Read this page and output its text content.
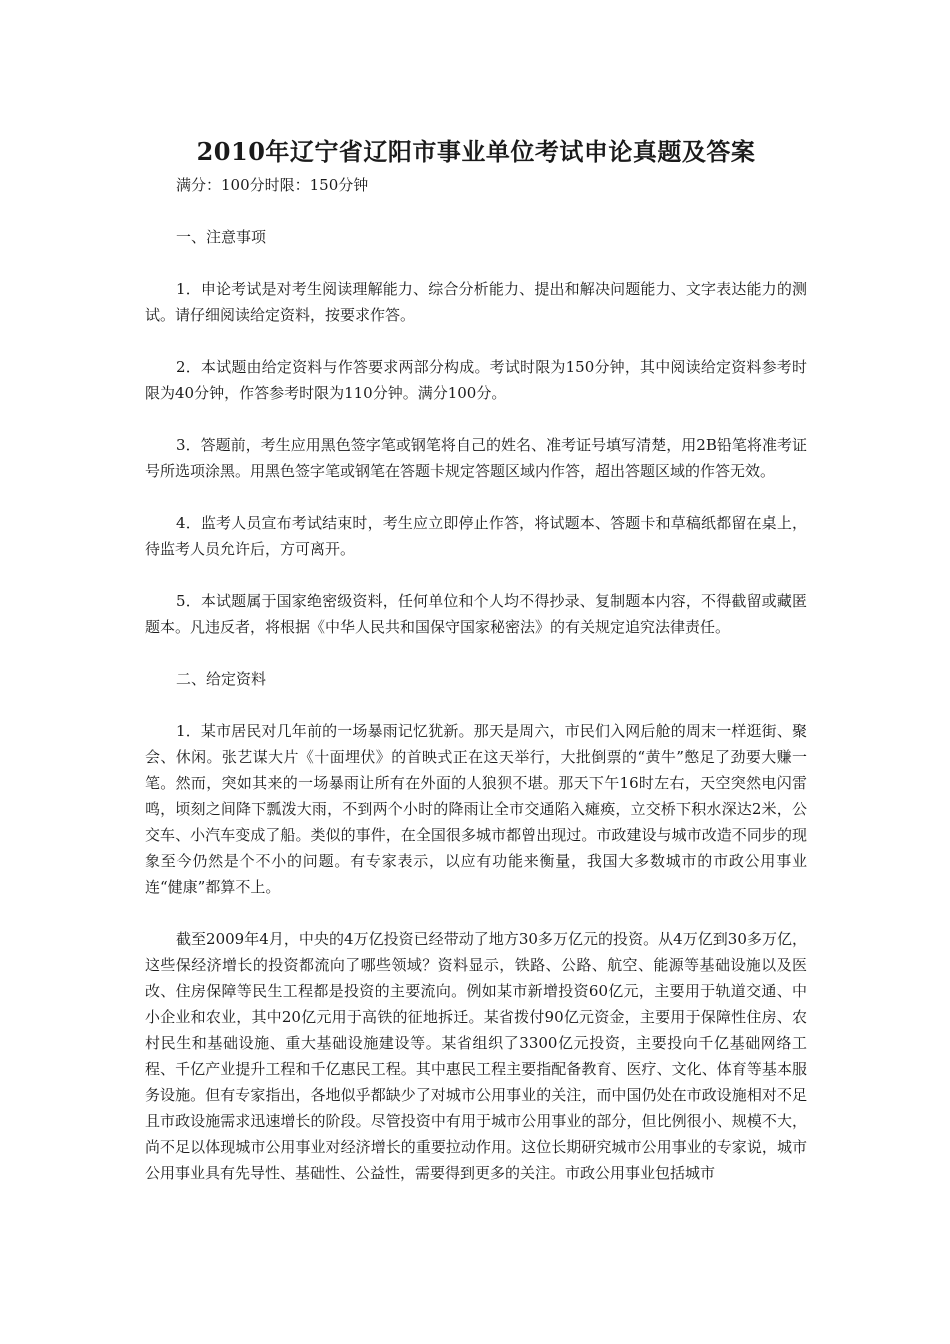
2010年辽宁省辽阳市事业单位考试申论真题及答案

满分：100分时限：150分钟

一、注意事项

1．申论考试是对考生阅读理解能力、综合分析能力、提出和解决问题能力、文字表达能力的测试。请仔细阅读给定资料，按要求作答。

2．本试题由给定资料与作答要求两部分构成。考试时限为150分钟，其中阅读给定资料参考时限为40分钟，作答参考时限为110分钟。满分100分。

3．答题前，考生应用黑色签字笔或钢笔将自己的姓名、准考证号填写清楚，用2B铅笔将准考证号所选项涂黑。用黑色签字笔或钢笔在答题卡规定答题区域内作答，超出答题区域的作答无效。

4．监考人员宣布考试结束时，考生应立即停止作答，将试题本、答题卡和草稿纸都留在桌上，待监考人员允许后，方可离开。

5．本试题属于国家绝密级资料，任何单位和个人均不得抄录、复制题本内容，不得截留或藏匿题本。凡违反者，将根据《中华人民共和国保守国家秘密法》的有关规定追究法律责任。

二、给定资料

1．某市居民对几年前的一场暴雨记忆犹新。那天是周六，市民们入网后舱的周末一样逛街、聚会、休闲。张艺谋大片《十面埋伏》的首映式正在这天举行，大批倒票的“黄牛”憋足了劲要大赚一笔。然而，突如其来的一场暴雨让所有在外面的人狼狈不堪。那天下午16时左右，天空突然电闪雷鸣，顷刻之间降下瓢泼大雨，不到两个小时的降雨让全市交通陷入瘫痪，立交桥下积水深达2米，公交车、小汽车变成了船。类似的事件，在全国很多城市都曾出现过。市政建设与城市改造不同步的现象至今仍然是个不小的问题。有专家表示，以应有功能来衡量，我国大多数城市的市政公用事业连“健康”都算不上。

截至2009年4月，中央的4万亿投资已经带动了地方30多万亿元的投资。从4万亿到30多万亿，这些保经济增长的投资都流向了哪些领域？资料显示，铁路、公路、航空、能源等基础设施以及医改、住房保障等民生工程都是投资的主要流向。例如某市新增投资60亿元，主要用于轨道交通、中小企业和农业，其中20亿元用于高铁的征地拆迁。某省拨付90亿元资金，主要用于保障性住房、农村民生和基础设施、重大基础设施建设等。某省组织了3300亿元投资，主要投向千亿基础网络工程、千亿产业提升工程和千亿惠民工程。其中惠民工程主要指配备教育、医疗、文化、体育等基本服务设施。但有专家指出，各地似乎都缺少了对城市公用事业的关注，而中国仍处在市政设施相对不足且市政设施需求迅速增长的阶段。尽管投资中有用于城市公用事业的部分，但比例很小、规模不大，尚不足以体现城市公用事业对经济增长的重要拉动作用。这位长期研究城市公用事业的专家说，城市公用事业具有先导性、基础性、公益性，需要得到更多的关注。市政公用事业包括城市
